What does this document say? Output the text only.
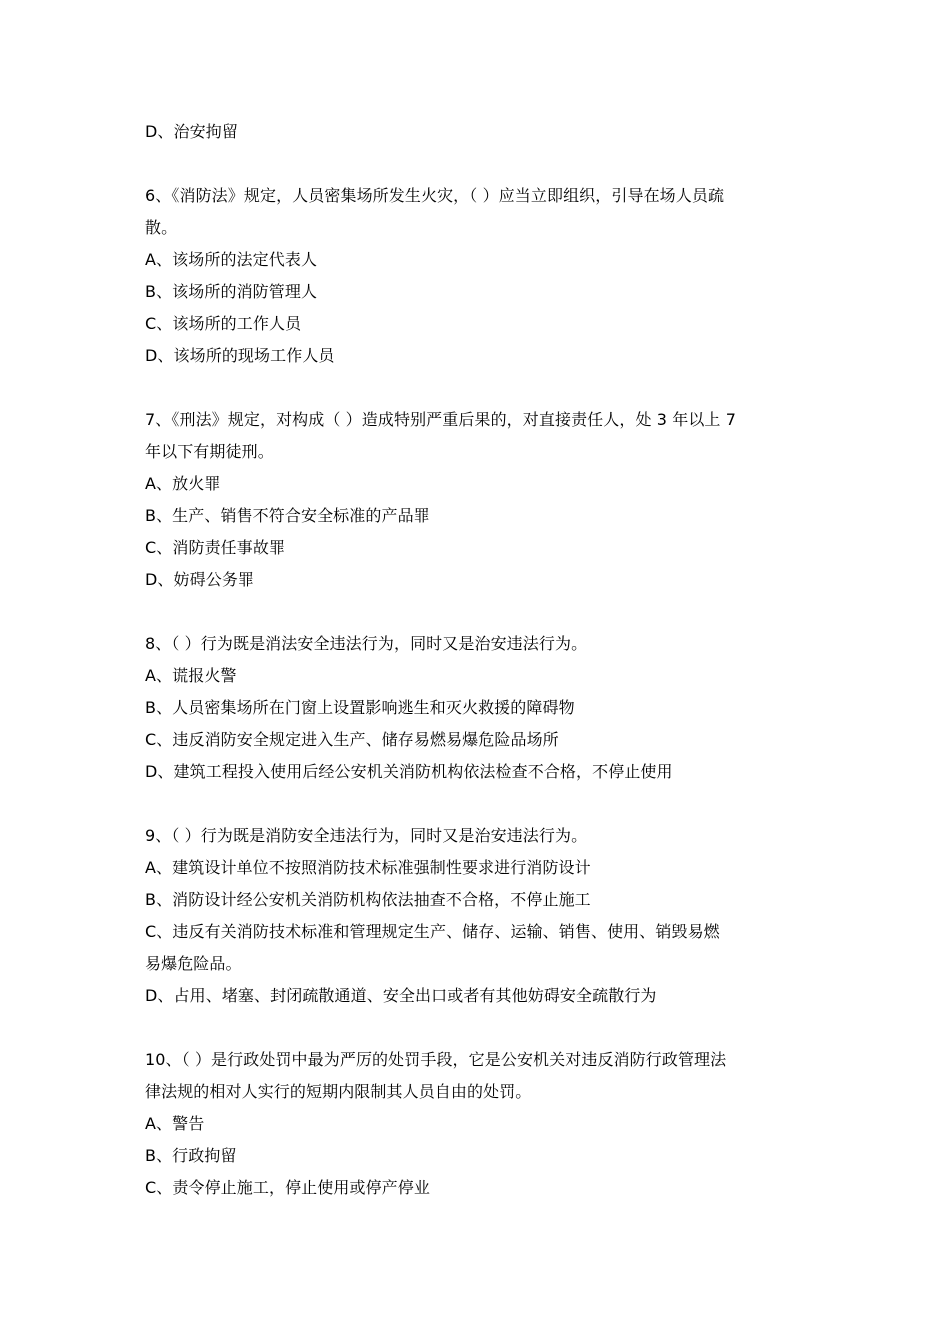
D、治安拘留
6、《消防法》规定，人员密集场所发生火灾，（ ）应当立即组织，引导在场人员疏
散。
A、该场所的法定代表人
B、该场所的消防管理人
C、该场所的工作人员
D、该场所的现场工作人员
7、《刑法》规定，对构成（ ）造成特别严重后果的，对直接责任人，处 3 年以上 7
年以下有期徒刑。
A、放火罪
B、生产、销售不符合安全标准的产品罪
C、消防责任事故罪
D、妨碍公务罪
8、（ ）行为既是消法安全违法行为，同时又是治安违法行为。
A、谎报火警
B、人员密集场所在门窗上设置影响逃生和灭火救援的障碍物
C、违反消防安全规定进入生产、储存易燃易爆危险品场所
D、建筑工程投入使用后经公安机关消防机构依法检查不合格，不停止使用
9、（ ）行为既是消防安全违法行为，同时又是治安违法行为。
A、建筑设计单位不按照消防技术标准强制性要求进行消防设计
B、消防设计经公安机关消防机构依法抽查不合格，不停止施工
C、违反有关消防技术标准和管理规定生产、储存、运输、销售、使用、销毁易燃
易爆危险品。
D、占用、堵塞、封闭疏散通道、安全出口或者有其他妨碍安全疏散行为
10、（ ）是行政处罚中最为严厉的处罚手段，它是公安机关对违反消防行政管理法
律法规的相对人实行的短期内限制其人员自由的处罚。
A、警告
B、行政拘留
C、责令停止施工，停止使用或停产停业
